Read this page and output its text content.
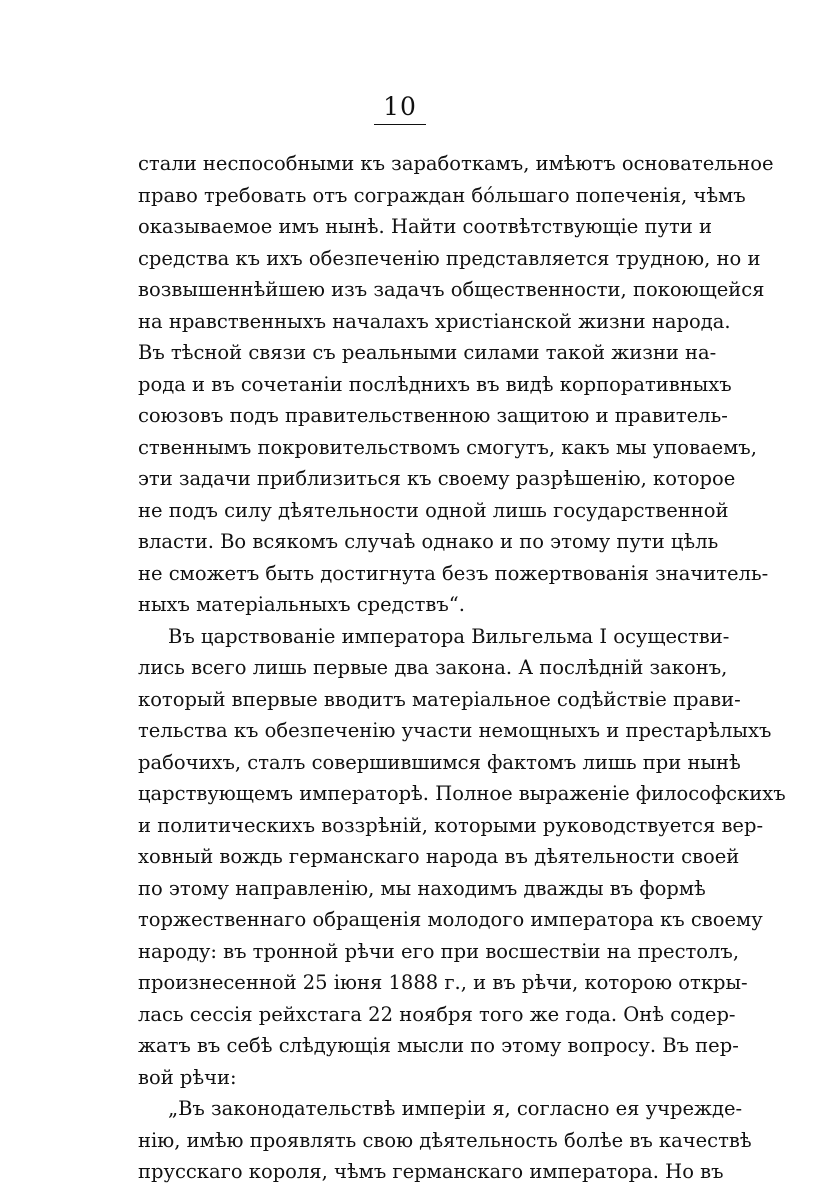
10
стали неспособными къ заработкамъ, имѣютъ основательное
право требовать отъ сограждан бóльшаго попеченія, чѣмъ
оказываемое имъ нынѣ. Найти соотвѣтствующіе пути и
средства къ ихъ обезпеченію представляется трудною, но и
возвышеннѣйшею изъ задачъ общественности, покоющейся
на нравственныхъ началахъ христіанской жизни народа.
Въ тѣсной связи съ реальными силами такой жизни на-
рода и въ сочетаніи послѣднихъ въ видѣ корпоративныхъ
союзовъ подъ правительственною защитою и правитель-
ственнымъ покровительствомъ смогутъ, какъ мы уповаемъ,
эти задачи приблизиться къ своему разрѣшенію, которое
не подъ силу дѣятельности одной лишь государственной
власти. Во всякомъ случаѣ однако и по этому пути цѣль
не сможетъ быть достигнута безъ пожертвованія значитель-
ныхъ матеріальныхъ средствъ“.
Въ царствованіе императора Вильгельма I осуществи-
лись всего лишь первые два закона. А послѣдній законъ,
который впервые вводитъ матеріальное содѣйствіе прави-
тельства къ обезпеченію участи немощныхъ и престарѣлыхъ
рабочихъ, сталъ совершившимся фактомъ лишь при нынѣ
царствующемъ императорѣ. Полное выраженіе философскихъ
и политическихъ воззрѣній, которыми руководствуется вер-
ховный вождь германскаго народа въ дѣятельности своей
по этому направленію, мы находимъ дважды въ формѣ
торжественнаго обращенія молодого императора къ своему
народу: въ тронной рѣчи его при восшествіи на престолъ,
произнесенной 25 іюня 1888 г., и въ рѣчи, которою откры-
лась сессія рейхстага 22 ноября того же года. Онѣ содер-
жатъ въ себѣ слѣдующія мысли по этому вопросу. Въ пер-
вой рѣчи:
„Въ законодательствѣ имперіи я, согласно ея учрежде-
нію, имѣю проявлять свою дѣятельность болѣе въ качествѣ
прусскаго короля, чѣмъ германскаго императора. Но въ
